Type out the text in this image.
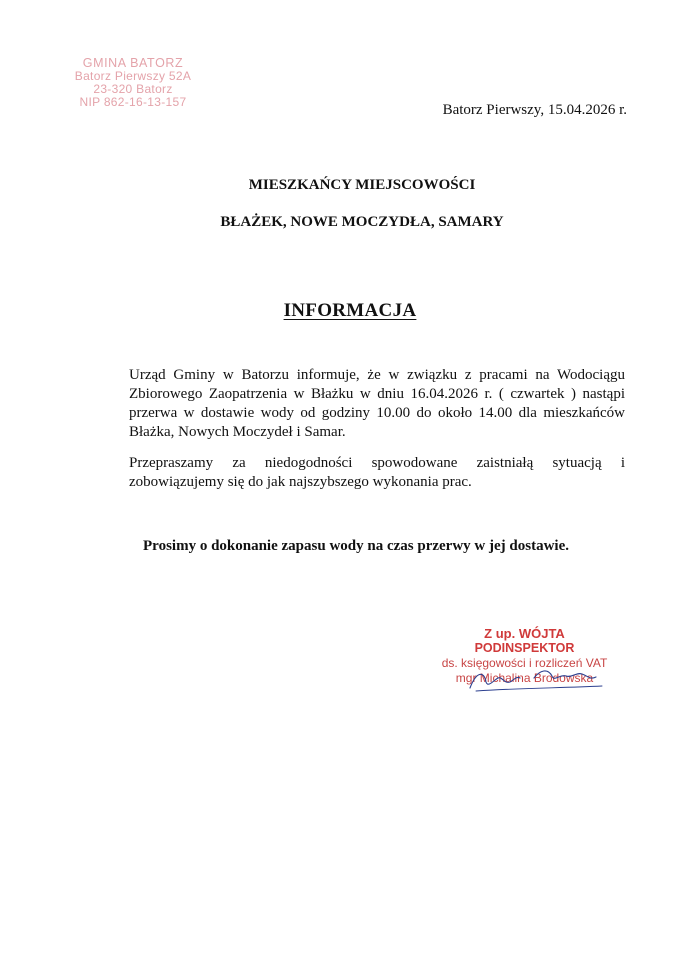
GMINA BATORZ
Batorz Pierwszy 52A
23-320 Batorz
NIP 862-16-13-157	Batorz Pierwszy, 15.04.2026 r.
MIESZKAŃCY MIEJSCOWOŚCI
BŁAŻEK, NOWE MOCZYDŁA, SAMARY
INFORMACJA
Urząd Gminy w Batorzu informuje, że w związku z pracami na Wodociągu Zbiorowego Zaopatrzenia w Błażku w dniu 16.04.2026 r. ( czwartek ) nastąpi przerwa w dostawie wody od godziny 10.00 do około 14.00 dla mieszkańców Błażka, Nowych Moczydeł i Samar.
Przepraszamy za niedogodności spowodowane zaistniałą sytuacją i zobowiązujemy się do jak najszybszego wykonania prac.
Prosimy o dokonanie zapasu wody na czas przerwy w jej dostawie.
Z up. WÓJTA
PODINSPEKTOR
ds. księgowości i rozliczeń VAT
mgr Michalina Brodowska
